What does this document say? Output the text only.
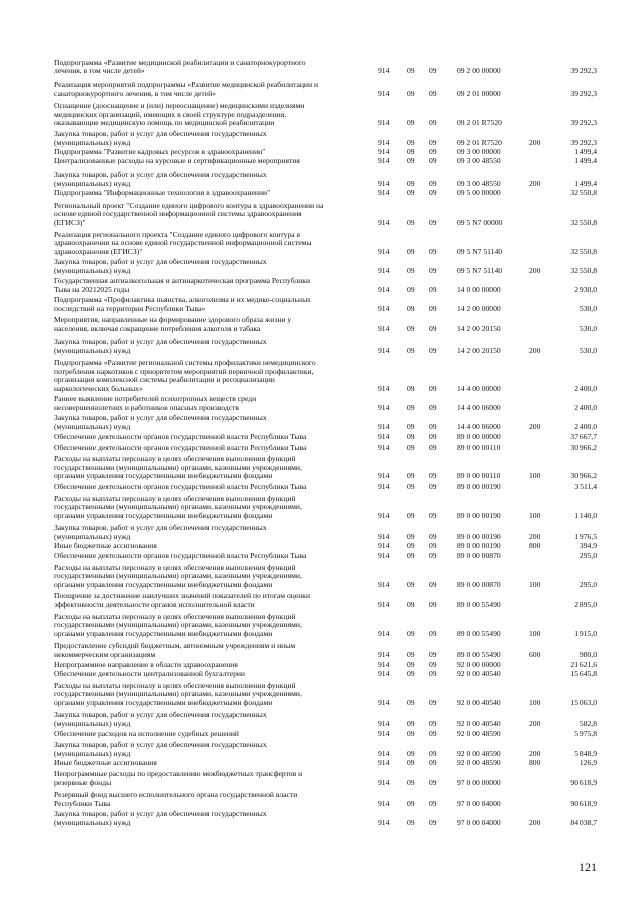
Подпрограмма «Развитие медицинской реабилитации и санаторнокурортного
лечения, в том числе детей»	914 09 09	09 2 00 00000	39 292,3
Реализация мероприятий подпрограммы «Развитие медицинской реабилитации и
санаторнокурортного лечения, в том числе детей»	914 09 09	09 2 01 00000	39 292,3
Оснащение (дооснащение и (или) переоснащение) медицинскими изделиями
медицинских организаций, имеющих в своей структуре подразделения,
оказывающие медицинскую помощь по медицинской реабилитации	914 09 09	09 2 01 R7520	39 292,3
Закупка товаров, работ и услуг для обеспечения государственных
(муниципальных) нужд	914 09 09	09 2 01 R7520	200	39 292,3
Подпрограмма "Развитие кадровых ресурсов в здравоохранении"	914 09 09	09 3 00 00000	1 499,4
Централизованные расходы на курсовые и сертификационные мероприятия	914 09 09	09 3 00 48550	1 499,4
Закупка товаров, работ и услуг для обеспечения государственных
(муниципальных) нужд	914 09 09	09 3 00 48550	200	1 499,4
Подпрограмма "Информационные технологии в здравоохранении"	914 09 09	09 5 00 00000	32 550,8
Региональный проект "Создание единого цифрового контура в здравоохранении на
основе единой государственной информационной системы здравоохранения
(ЕГИСЗ)"	914 09 09	09 5 N7 00000	32 550,8
Реализация регионального проекта "Создание единого цифрового контура в
здравоохранении на основе единой государственной информационной системы
здравоохранения (ЕГИСЗ)"	914 09 09	09 5 N7 51140	32 550,8
Закупка товаров, работ и услуг для обеспечения государственных
(муниципальных) нужд	914 09 09	09 5 N7 51140	200	32 550,8
Государственная антиалкогольная и антинаркотическая программа Республики
Тыва на 20212025 годы	914 09 09	14 0 00 00000	2 930,0
Подпрограмма «Профилактика пьянства, алкоголизма и их медико-социальных
последствий на территории Республики Тыва»	914 09 09	14 2 00 00000	530,0
Мероприятия, направленные на формирование здорового образа жизни у
населения, включая сокращение потребления алкоголя и табака	914 09 09	14 2 00 20150	530,0
Закупка товаров, работ и услуг для обеспечения государственных
(муниципальных) нужд	914 09 09	14 2 00 20150	200	530,0
Подпрограмма «Развитие региональной системы профилактики немедицинского
потребления наркотиков с приоритетом мероприятий первичной профилактики,
организация комплексной системы реабилитации и ресоциализации
наркологических больных»	914 09 09	14 4 00 00000	2 400,0
Раннее выявление потребителей психотропных веществ среди
несовершеннолетних и работников опасных производств	914 09 09	14 4 00 06000	2 400,0
Закупка товаров, работ и услуг для обеспечения государственных
(муниципальных) нужд	914 09 09	14 4 00 06000	200	2 400,0
Обеспечение деятельности органов государственной власти Республики Тыва	914 09 09	89 0 00 00000	37 667,7
Обеспечение деятельности органов государственной власти Республики Тыва	914 09 09	89 0 00 00110	30 966,2
Расходы на выплаты персоналу в целях обеспечения выполнения функций
государственными (муниципальными) органами, казенными учреждениями,
органами управления государственными внебюджетными фондами	914 09 09	89 0 00 00110	100	30 966,2
Обеспечение деятельности органов государственной власти Республики Тыва	914 09 09	89 0 00 00190	3 511,4
Расходы на выплаты персоналу в целях обеспечения выполнения функций
государственными (муниципальными) органами, казенными учреждениями,
органами управления государственными внебюджетными фондами	914 09 09	89 0 00 00190	100	1 140,0
Закупка товаров, работ и услуг для обеспечения государственных
(муниципальных) нужд	914 09 09	89 0 00 00190	200	1 976,5
Иные бюджетные ассигнования	914 09 09	89 0 00 00190	800	394,9
Обеспечение деятельности органов государственной власти Республики Тыва	914 09 09	89 0 00 00870	295,0
Расходы на выплаты персоналу в целях обеспечения выполнения функций
государственными (муниципальными) органами, казенными учреждениями,
органами управления государственными внебюджетными фондами	914 09 09	89 0 00 00870	100	295,0
Поощрение за достижение наилучших значений показателей по итогам оценки
эффективности деятельности органов исполнительной власти	914 09 09	89 0 00 55490	2 895,0
Расходы на выплаты персоналу в целях обеспечения выполнения функций
государственными (муниципальными) органами, казенными учреждениями,
органами управления государственными внебюджетными фондами	914 09 09	89 0 00 55490	100	1 915,0
Предоставление субсидий бюджетным, автономным учреждениям и иным
некоммерческим организациям	914 09 09	89 0 00 55490	600	980,0
Непрограммное направление в области здравоохранения	914 09 09	92 0 00 00000	21 621,6
Обеспечение деятельности централизованной бухгалтерии	914 09 09	92 0 00 40540	15 645,8
Расходы на выплаты персоналу в целях обеспечения выполнения функций
государственными (муниципальными) органами, казенными учреждениями,
органами управления государственными внебюджетными фондами	914 09 09	92 0 00 40540	100	15 063,0
Закупка товаров, работ и услуг для обеспечения государственных
(муниципальных) нужд	914 09 09	92 0 00 40540	200	582,8
Обеспечение расходов на исполнение судебных решений	914 09 09	92 0 00 48590	5 975,8
Закупка товаров, работ и услуг для обеспечения государственных
(муниципальных) нужд	914 09 09	92 0 00 48590	200	5 848,9
Иные бюджетные ассигнования	914 09 09	92 0 00 48590	800	126,9
Непрограммные расходы по предоставлению межбюджетных трансфертов и
резервные фонды	914 09 09	97 0 00 00000	90 618,9
Резервный фонд высшего исполнительного органа государственной власти
Республики Тыва	914 09 09	97 0 00 04000	90 618,9
Закупка товаров, работ и услуг для обеспечения государственных
(муниципальных) нужд	914 09 09	97 0 00 04000	200	84 038,7
121
